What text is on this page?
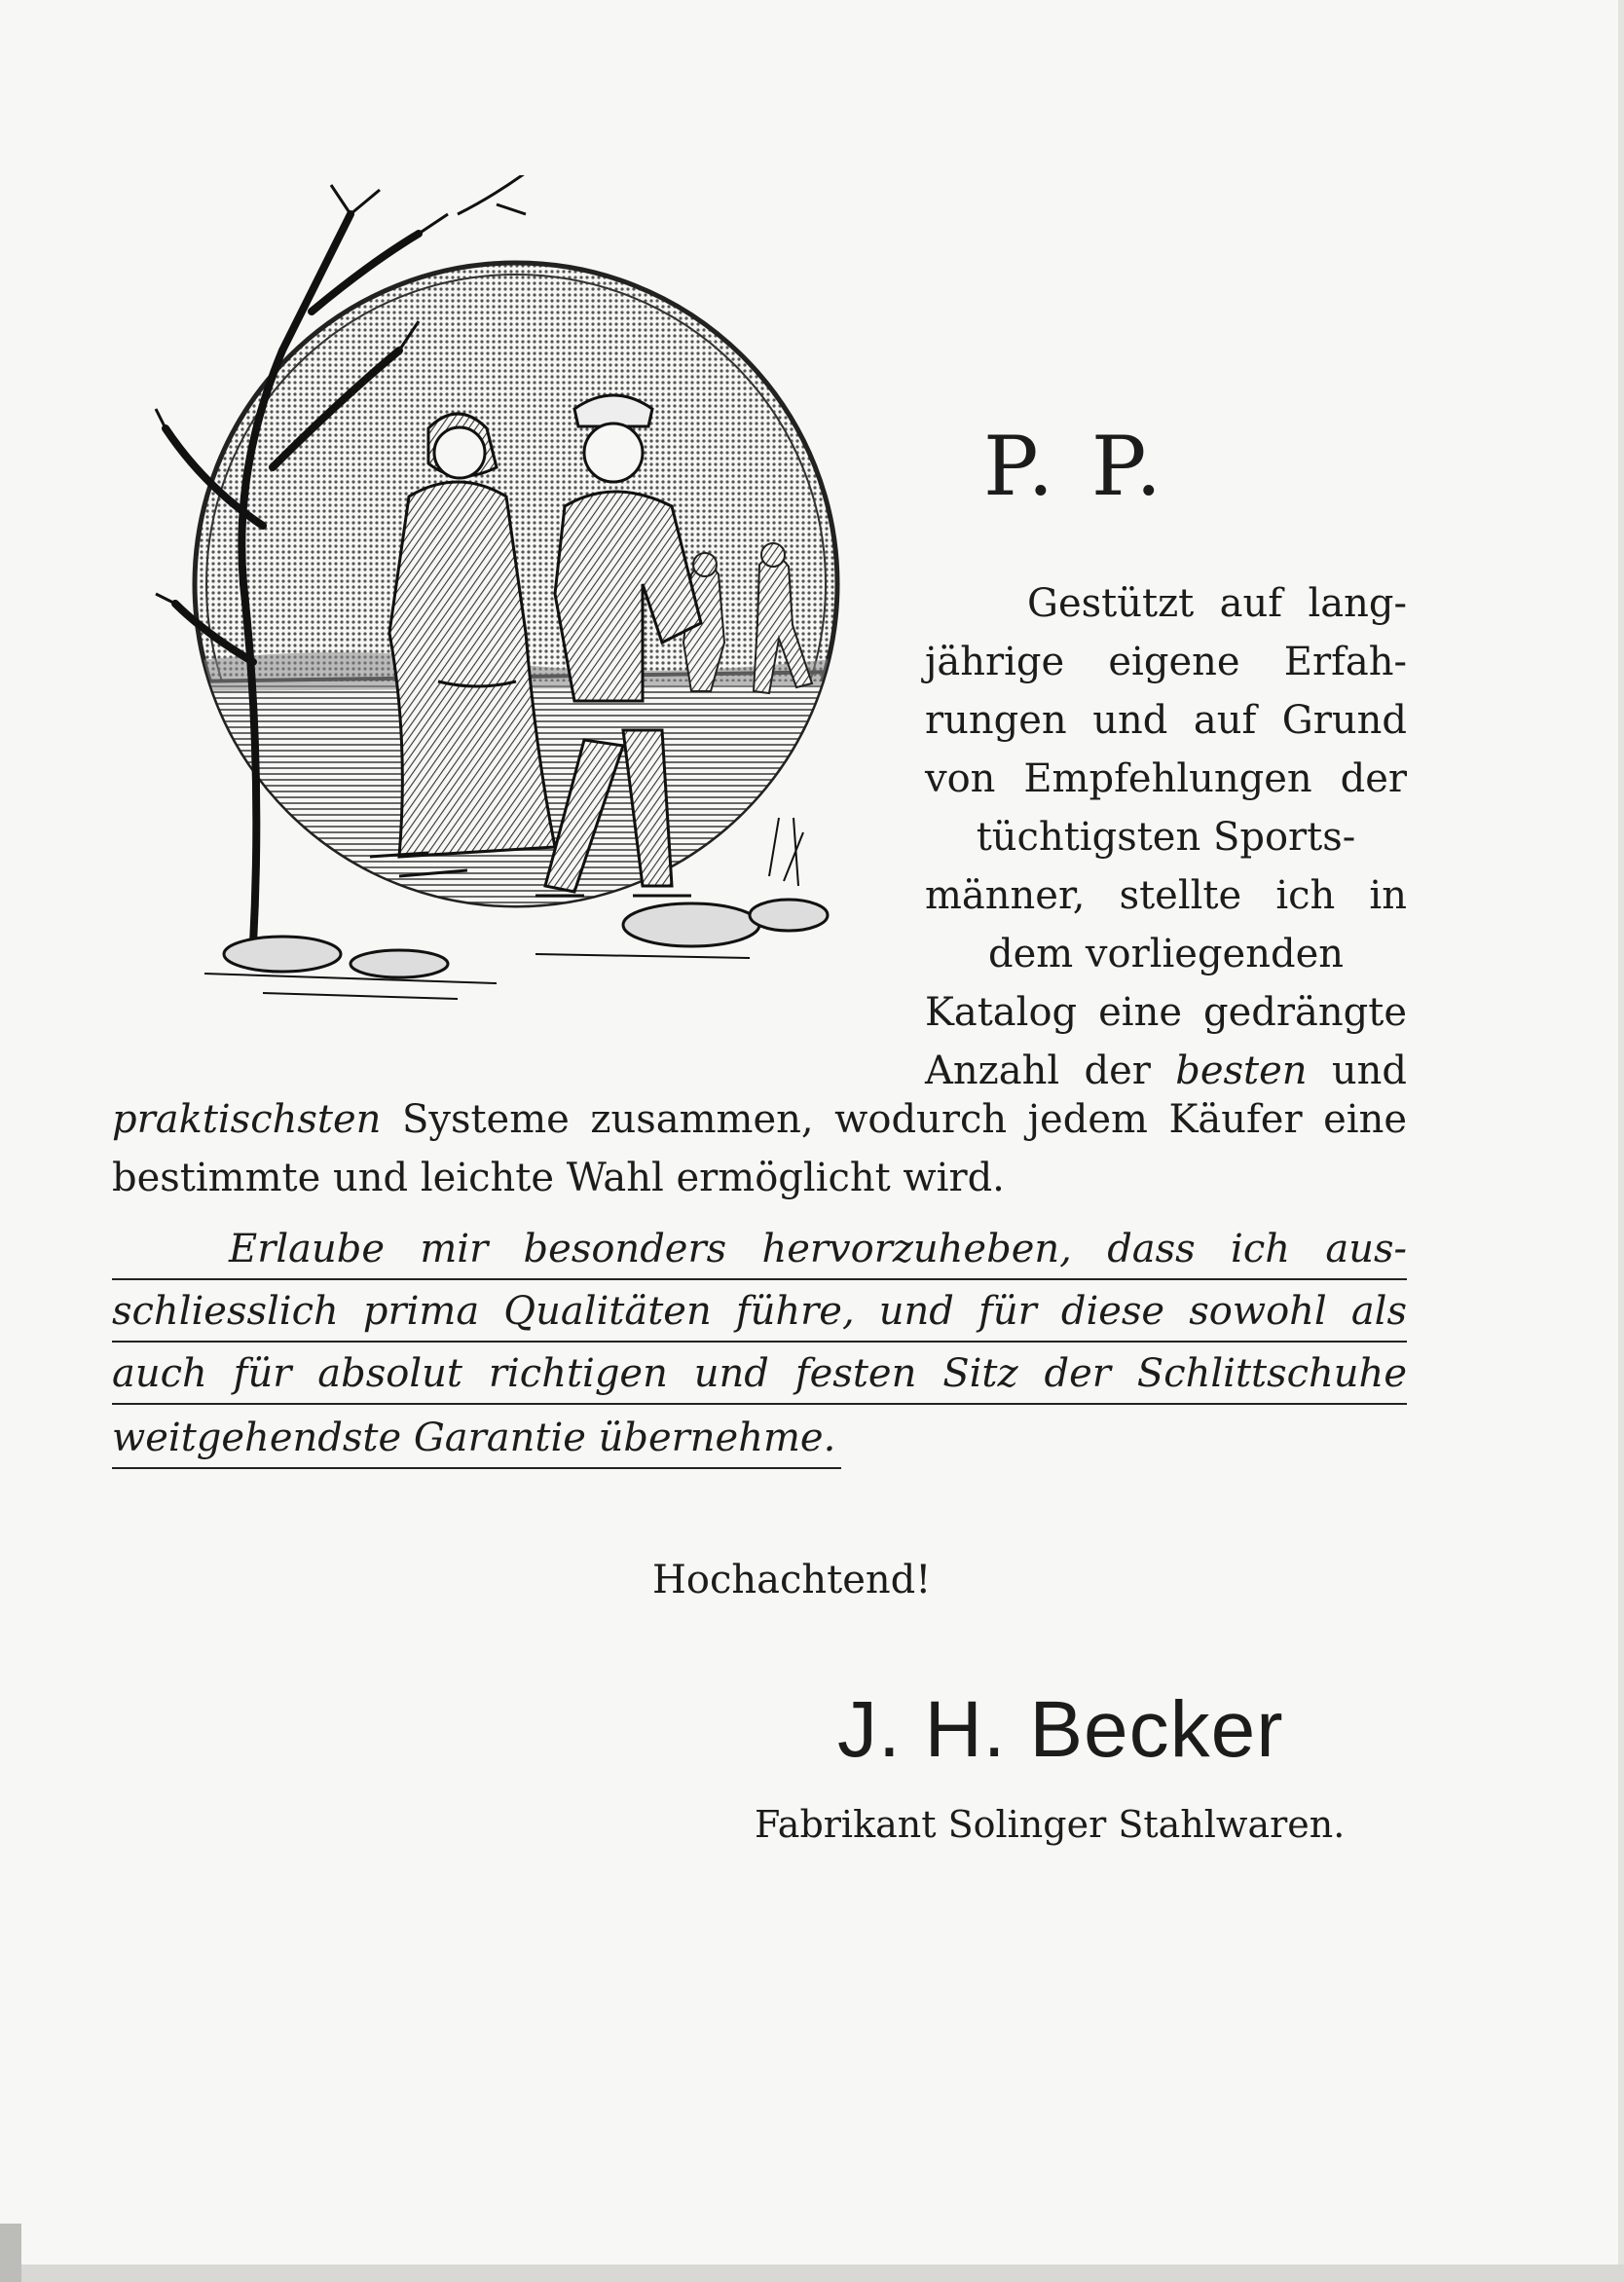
P. P.
Gestützt auf lang-
jährige eigene Erfah-
rungen und auf Grund
von Empfehlungen der
tüchtigsten Sports-
männer, stellte ich in
dem vorliegenden
Katalog eine gedrängte
Anzahl der besten und
praktischsten Systeme zusammen, wodurch jedem Käufer eine
bestimmte und leichte Wahl ermöglicht wird.
Erlaube mir besonders hervorzuheben, dass ich aus-
schliesslich prima Qualitäten führe, und für diese sowohl als
auch für absolut richtigen und festen Sitz der Schlittschuhe
weitgehendste Garantie übernehme.
Hochachtend!
J. H. Becker
Fabrikant Solinger Stahlwaren.
